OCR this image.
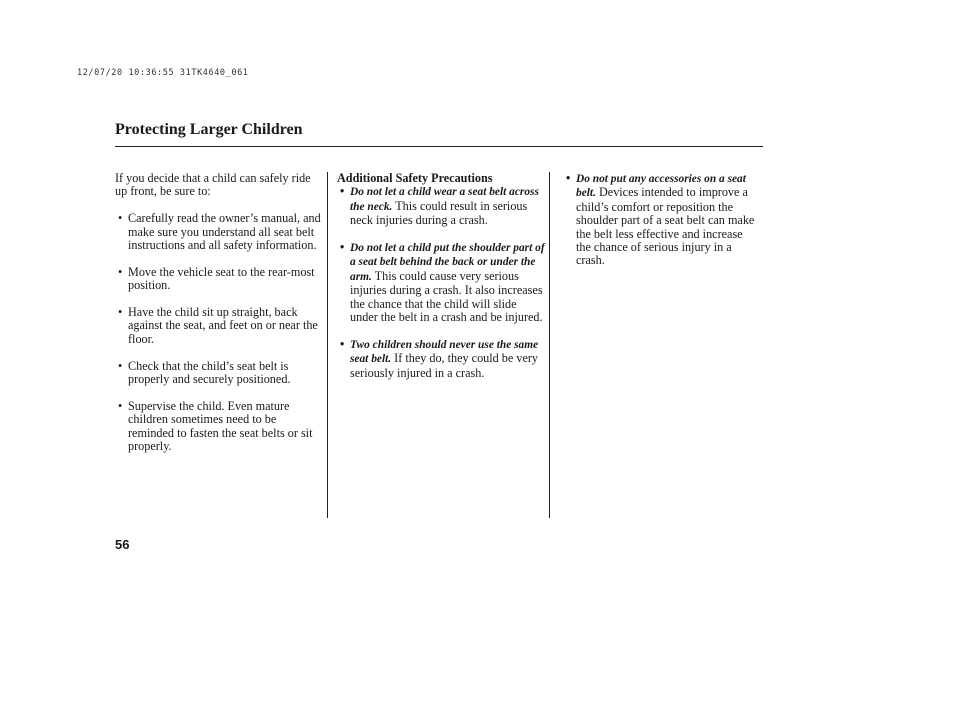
12/07/20 10:36:55 31TK4640_061
Protecting Larger Children

If you decide that a child can safely ride up front, be sure to:

• Carefully read the owner’s manual, and make sure you understand all seat belt instructions and all safety information.
• Move the vehicle seat to the rear-most position.
• Have the child sit up straight, back against the seat, and feet on or near the floor.
• Check that the child’s seat belt is properly and securely positioned.
• Supervise the child. Even mature children sometimes need to be reminded to fasten the seat belts or sit properly.

Additional Safety Precautions

• Do not let a child wear a seat belt across the neck. This could result in serious neck injuries during a crash.
• Do not let a child put the shoulder part of a seat belt behind the back or under the arm. This could cause very serious injuries during a crash. It also increases the chance that the child will slide under the belt in a crash and be injured.
• Two children should never use the same seat belt. If they do, they could be very seriously injured in a crash.
• Do not put any accessories on a seat belt. Devices intended to improve a child’s comfort or reposition the shoulder part of a seat belt can make the belt less effective and increase the chance of serious injury in a crash.
56
